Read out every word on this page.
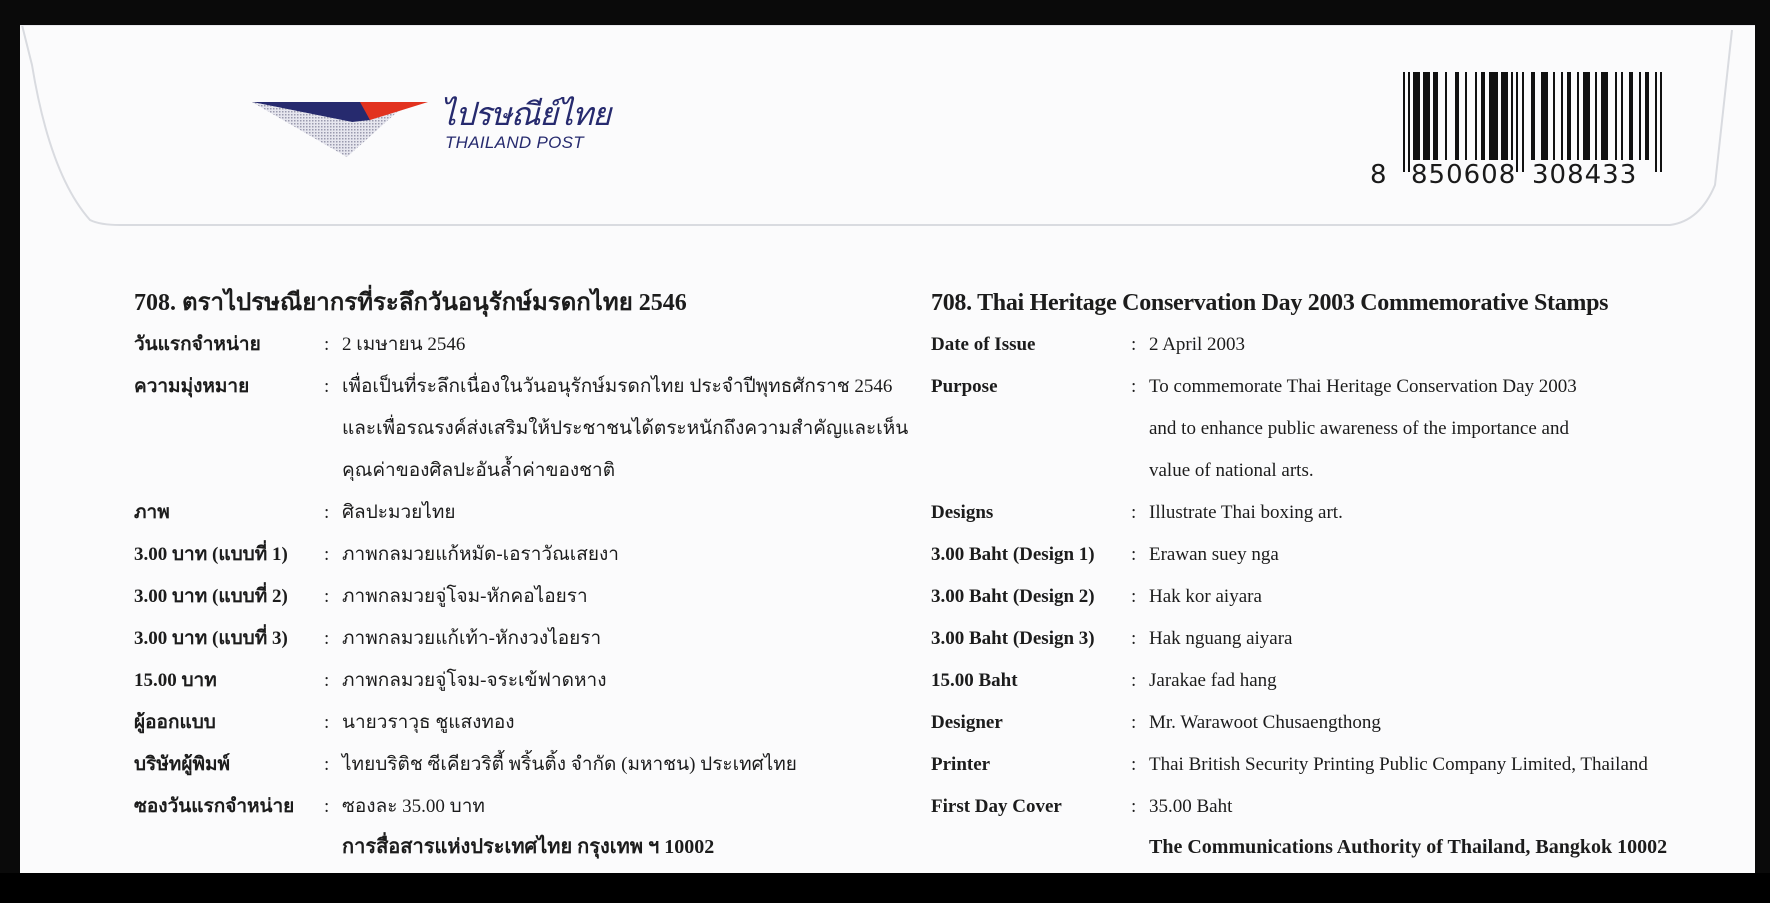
ไปรษณีย์ไทย
THAILAND POST
8 850608 308433
708. ตราไปรษณียากรที่ระลึกวันอนุรักษ์มรดกไทย 2546
วันแรกจำหน่าย	: 2 เมษายน 2546
ความมุ่งหมาย	: เพื่อเป็นที่ระลึกเนื่องในวันอนุรักษ์มรดกไทย ประจำปีพุทธศักราช 2546
และเพื่อรณรงค์ส่งเสริมให้ประชาชนได้ตระหนักถึงความสำคัญและเห็น
คุณค่าของศิลปะอันล้ำค่าของชาติ
ภาพ	: ศิลปะมวยไทย
3.00 บาท (แบบที่ 1)	: ภาพกลมวยแก้หมัด-เอราวัณเสยงา
3.00 บาท (แบบที่ 2)	: ภาพกลมวยจู่โจม-หักคอไอยรา
3.00 บาท (แบบที่ 3)	: ภาพกลมวยแก้เท้า-หักงวงไอยรา
15.00 บาท	: ภาพกลมวยจู่โจม-จระเข้ฟาดหาง
ผู้ออกแบบ	: นายวราวุธ ชูแสงทอง
บริษัทผู้พิมพ์	: ไทยบริติช ซีเคียวริตี้ พริ้นติ้ง จำกัด (มหาชน) ประเทศไทย
ซองวันแรกจำหน่าย	: ซองละ 35.00 บาท
การสื่อสารแห่งประเทศไทย กรุงเทพ ฯ 10002
708. Thai Heritage Conservation Day 2003 Commemorative Stamps
Date of Issue	: 2 April 2003
Purpose	: To commemorate Thai Heritage Conservation Day 2003
and to enhance public awareness of the importance and
value of national arts.
Designs	: Illustrate Thai boxing art.
3.00 Baht (Design 1)	: Erawan suey nga
3.00 Baht (Design 2)	: Hak kor aiyara
3.00 Baht (Design 3)	: Hak nguang aiyara
15.00 Baht	: Jarakae fad hang
Designer	: Mr. Warawoot Chusaengthong
Printer	: Thai British Security Printing Public Company Limited, Thailand
First Day Cover	: 35.00 Baht
The Communications Authority of Thailand, Bangkok 10002
